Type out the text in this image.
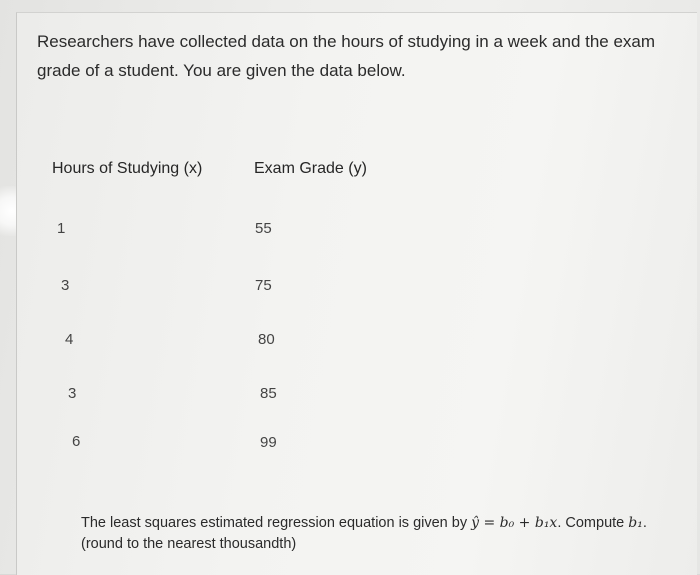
Researchers have collected data on the hours of studying in a week and the exam grade of a student. You are given the data below.

Hours of Studying (x)	Exam Grade (y)
1	55
3	75
4	80
3	85
6	99

The least squares estimated regression equation is given by ŷ = b₀ + b₁x. Compute b₁. (round to the nearest thousandth)
